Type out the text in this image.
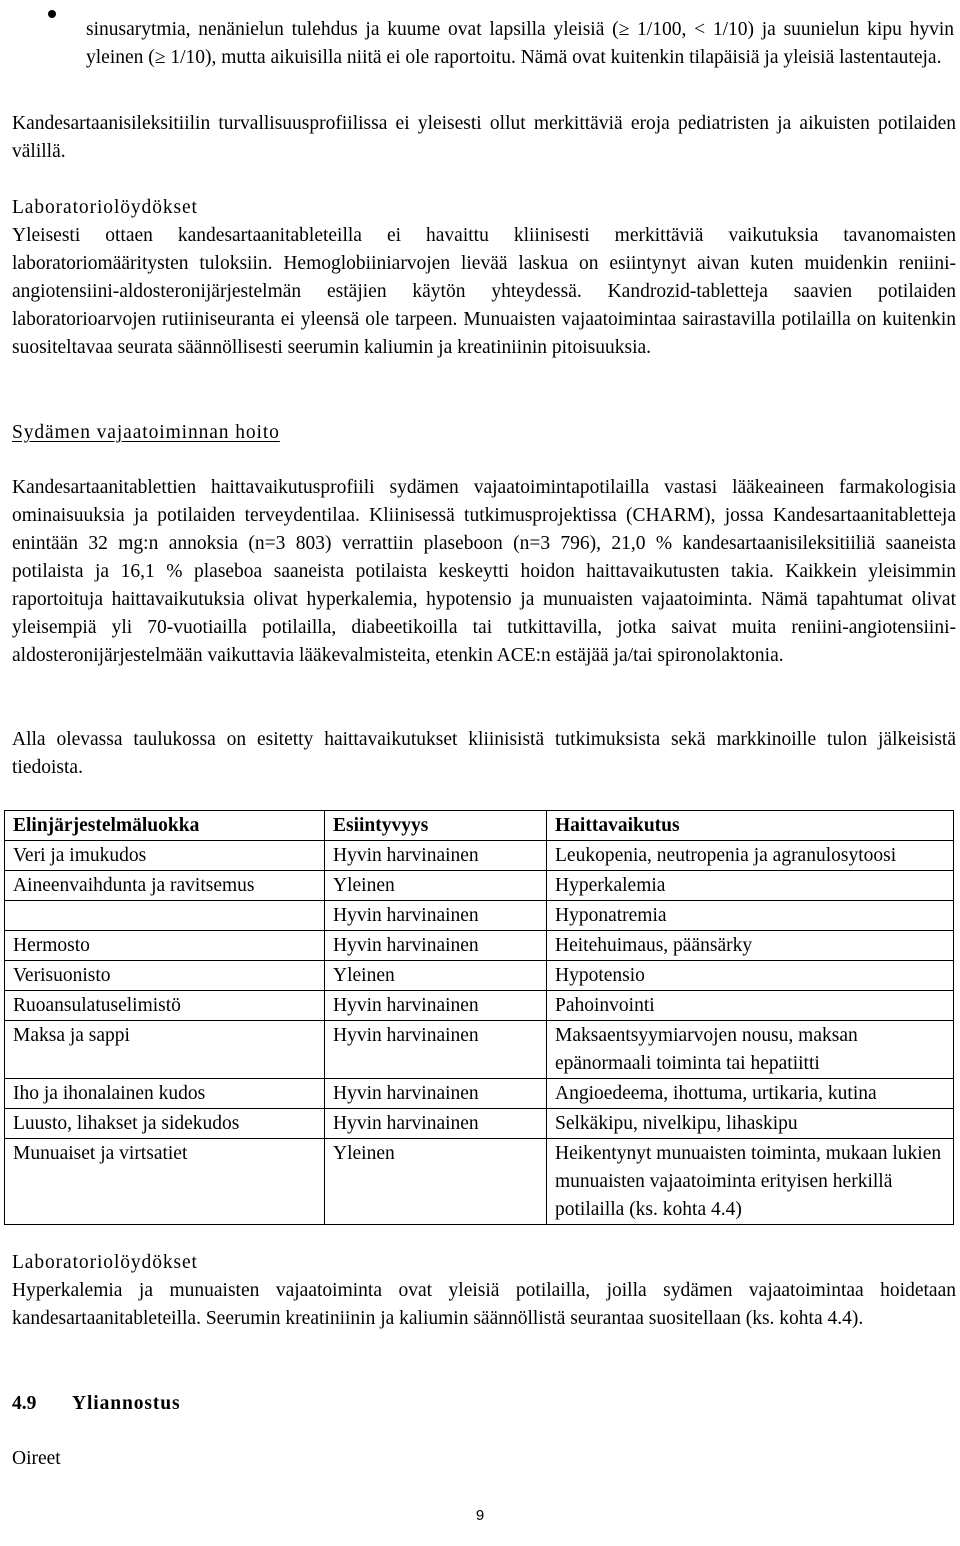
sinusarytmia, nenänielun tulehdus ja kuume ovat lapsilla yleisiä (≥ 1/100, < 1/10) ja suunielun kipu hyvin yleinen (≥ 1/10), mutta aikuisilla niitä ei ole raportoitu. Nämä ovat kuitenkin tilapäisiä ja yleisiä lastentauteja.

Kandesartaanisileksitiilin turvallisuusprofiilissa ei yleisesti ollut merkittäviä eroja pediatristen ja aikuisten potilaiden välillä.

Laboratoriolöydökset

Yleisesti ottaen kandesartaanitableteilla ei havaittu kliinisesti merkittäviä vaikutuksia tavanomaisten laboratoriomääritysten tuloksiin. Hemoglobiiniarvojen lievää laskua on esiintynyt aivan kuten muidenkin reniini-angiotensiini-aldosteronijärjestelmän estäjien käytön yhteydessä. Kandrozid-tabletteja saavien potilaiden laboratorioarvojen rutiiniseuranta ei yleensä ole tarpeen. Munuaisten vajaatoimintaa sairastavilla potilailla on kuitenkin suositeltavaa seurata säännöllisesti seerumin kaliumin ja kreatiniinin pitoisuuksia.

Sydämen vajaatoiminnan hoito

Kandesartaanitablettien haittavaikutusprofiili sydämen vajaatoimintapotilailla vastasi lääkeaineen farmakologisia ominaisuuksia ja potilaiden terveydentilaa. Kliinisessä tutkimusprojektissa (CHARM), jossa Kandesartaanitabletteja enintään 32 mg:n annoksia (n=3 803) verrattiin plaseboon (n=3 796), 21,0 % kandesartaanisileksitiiliä saaneista potilaista ja 16,1 % plaseboa saaneista potilaista keskeytti hoidon haittavaikutusten takia. Kaikkein yleisimmin raportoituja haittavaikutuksia olivat hyperkalemia, hypotensio ja munuaisten vajaatoiminta. Nämä tapahtumat olivat yleisempiä yli 70-vuotiailla potilailla, diabeetikoilla tai tutkittavilla, jotka saivat muita reniini-angiotensiini-aldosteronijärjestelmään vaikuttavia lääkevalmisteita, etenkin ACE:n estäjää ja/tai spironolaktonia.

Alla olevassa taulukossa on esitetty haittavaikutukset kliinisistä tutkimuksista sekä markkinoille tulon jälkeisistä tiedoista.

Elinjärjestelmäluokka	Esiintyvyys	Haittavaikutus
Veri ja imukudos	Hyvin harvinainen	Leukopenia, neutropenia ja agranulosytoosi
Aineenvaihdunta ja ravitsemus	Yleinen	Hyperkalemia
	Hyvin harvinainen	Hyponatremia
Hermosto	Hyvin harvinainen	Heitehuimaus, päänsärky
Verisuonisto	Yleinen	Hypotensio
Ruoansulatuselimistö	Hyvin harvinainen	Pahoinvointi
Maksa ja sappi	Hyvin harvinainen	Maksaentsyymiarvojen nousu, maksan epänormaali toiminta tai hepatiitti
Iho ja ihonalainen kudos	Hyvin harvinainen	Angioedeema, ihottuma, urtikaria, kutina
Luusto, lihakset ja sidekudos	Hyvin harvinainen	Selkäkipu, nivelkipu, lihaskipu
Munuaiset ja virtsatiet	Yleinen	Heikentynyt munuaisten toiminta, mukaan lukien munuaisten vajaatoiminta erityisen herkillä potilailla (ks. kohta 4.4)

Laboratoriolöydökset

Hyperkalemia ja munuaisten vajaatoiminta ovat yleisiä potilailla, joilla sydämen vajaatoimintaa hoidetaan kandesartaanitableteilla. Seerumin kreatiniinin ja kaliumin säännöllistä seurantaa suositellaan (ks. kohta 4.4).

4.9 Yliannostus

Oireet

9
